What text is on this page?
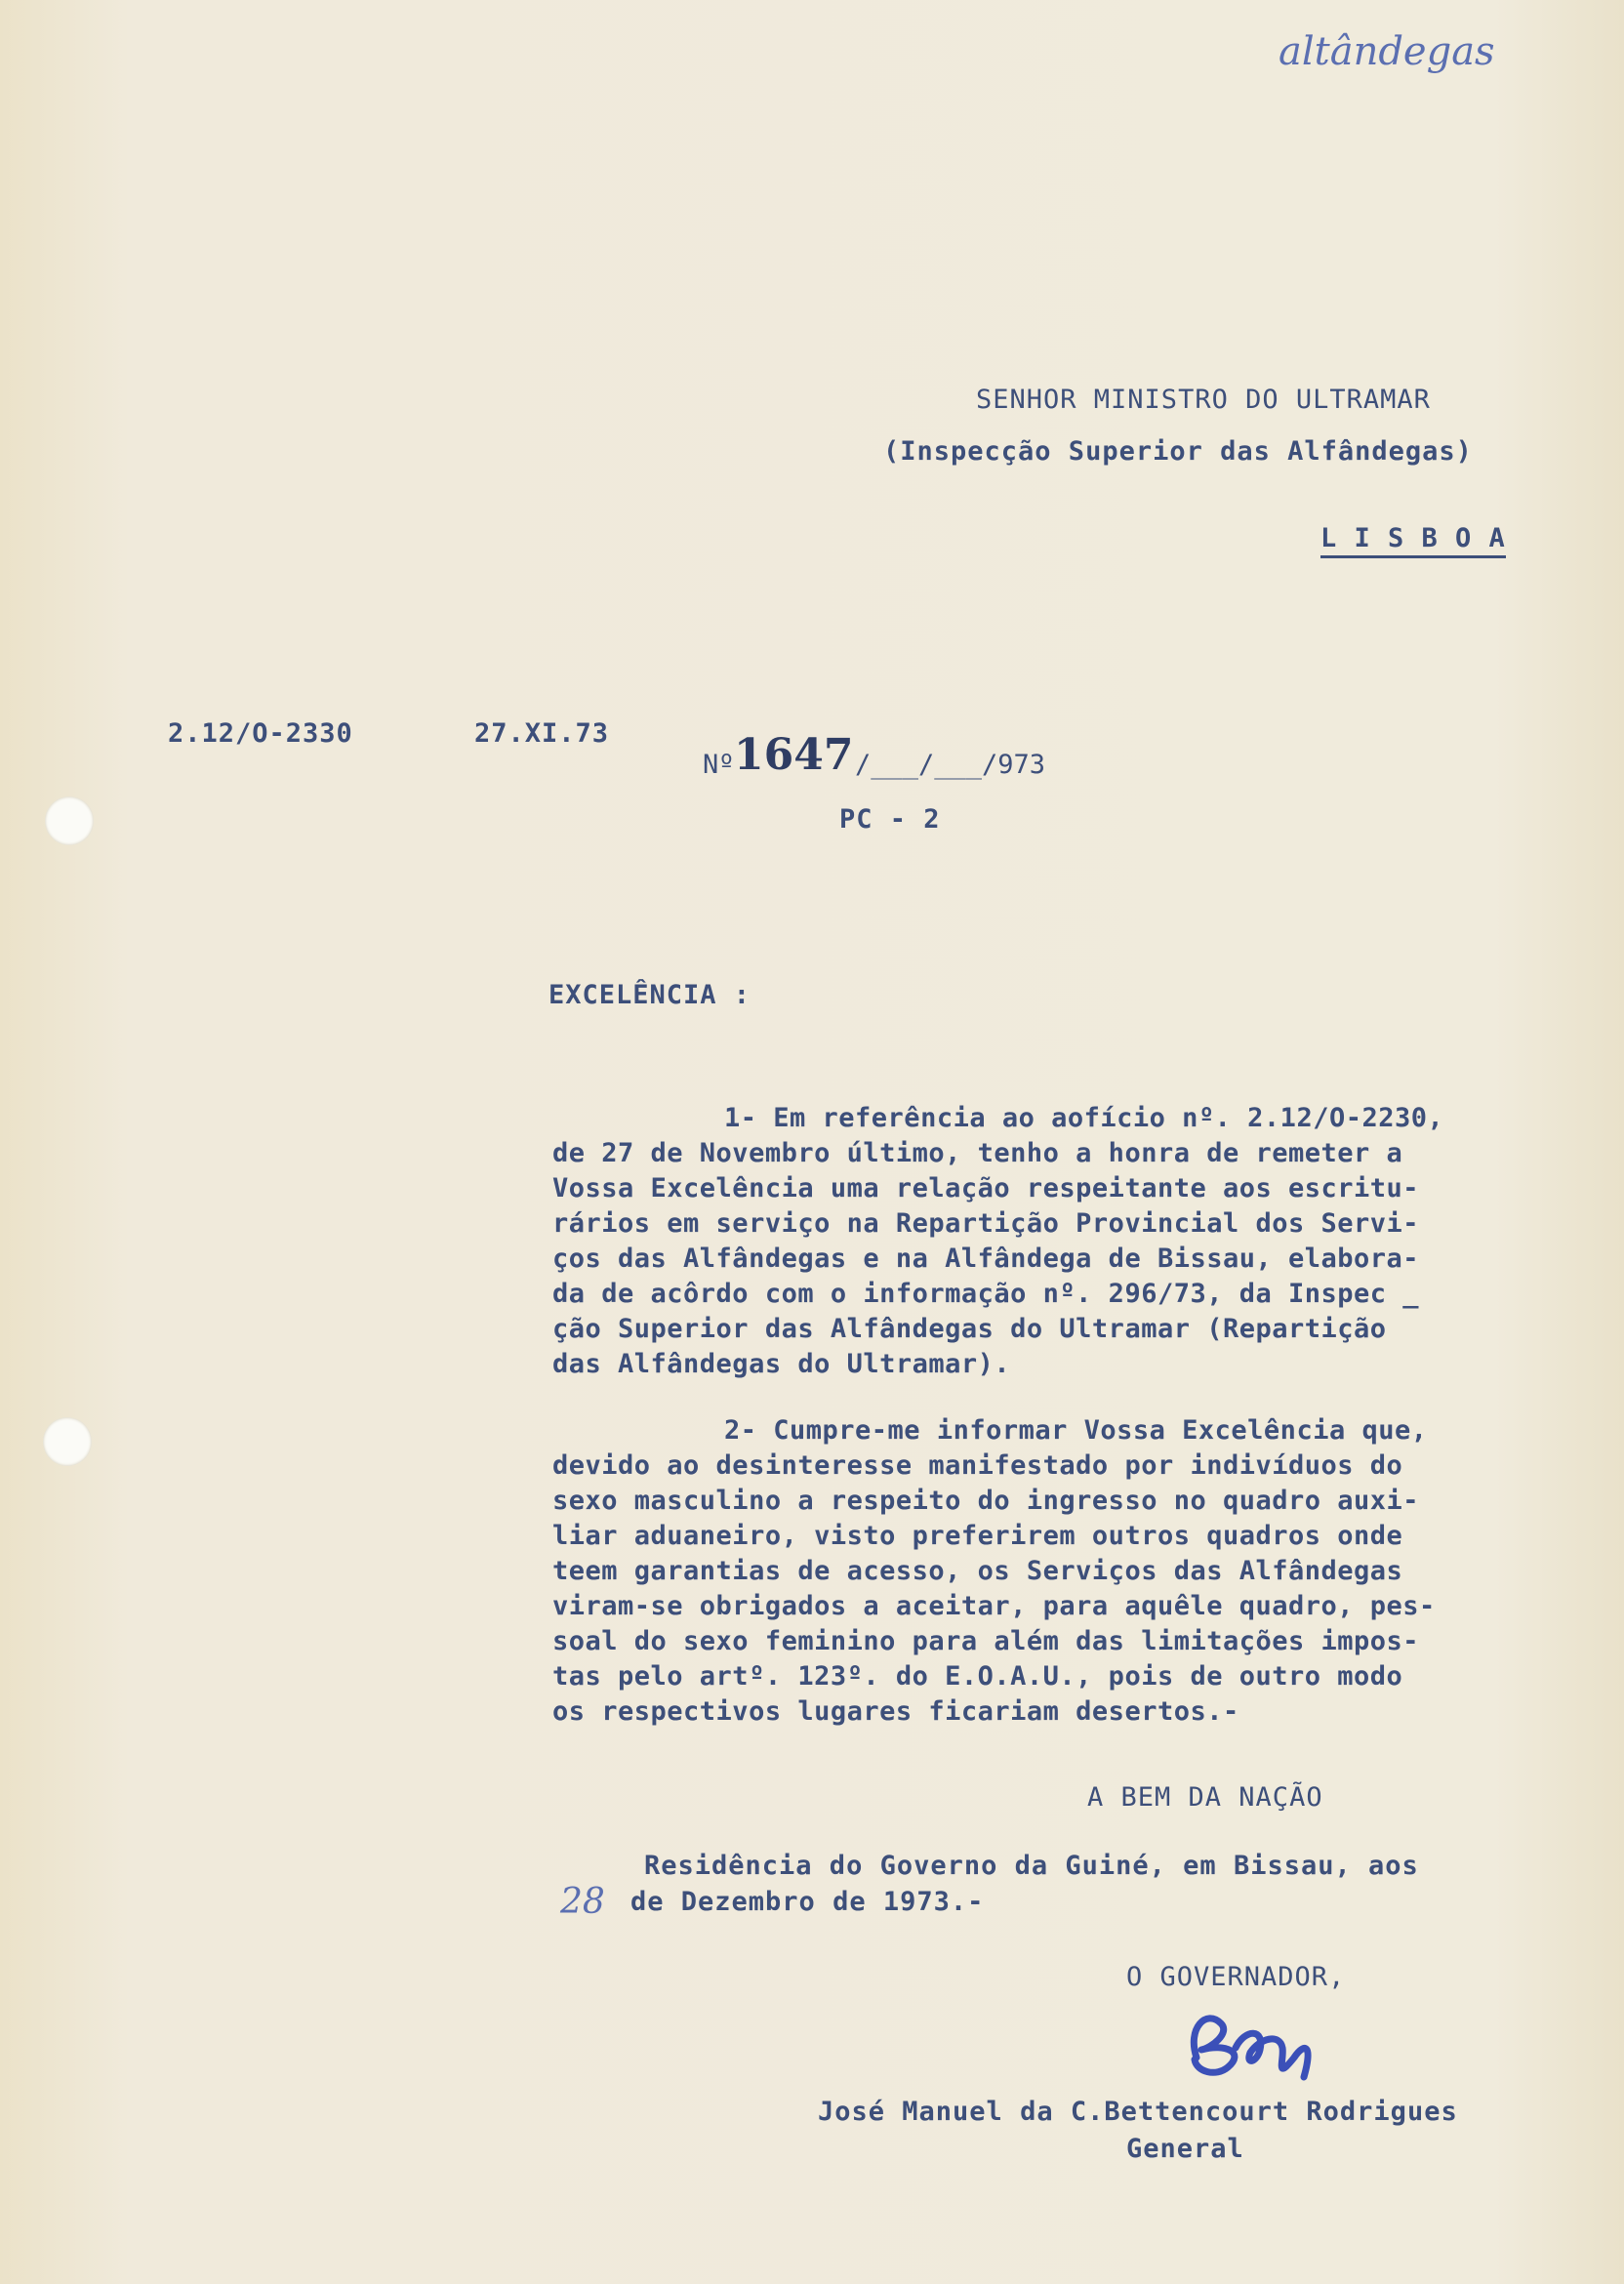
altândegas
SENHOR MINISTRO DO ULTRAMAR
(Inspecção Superior das Alfândegas)
L I S B O A
2.12/O-2330	27.XI.73
Nº 1647 /___/___/973
PC - 2
EXCELÊNCIA :
1- Em referência ao aofício nº. 2.12/O-2230,
de 27 de Novembro último, tenho a honra de remeter a
Vossa Excelência uma relação respeitante aos escritu-
rários em serviço na Repartição Provincial dos Servi-
ços das Alfândegas e na Alfândega de Bissau, elabora-
da de acôrdo com o informação nº. 296/73, da Inspec _
ção Superior das Alfândegas do Ultramar (Repartição
das Alfândegas do Ultramar).
2- Cumpre-me informar Vossa Excelência que,
devido ao desinteresse manifestado por indivíduos do
sexo masculino a respeito do ingresso no quadro auxi-
liar aduaneiro, visto preferirem outros quadros onde
teem garantias de acesso, os Serviços das Alfândegas
viram-se obrigados a aceitar, para aquêle quadro, pes-
soal do sexo feminino para além das limitações impos-
tas pelo artº. 123º. do E.O.A.U., pois de outro modo
os respectivos lugares ficariam desertos.-
A BEM DA NAÇÃO
Residência do Governo da Guiné, em Bissau, aos
28 de Dezembro de 1973.-
O GOVERNADOR,
José Manuel da C.Bettencourt Rodrigues
General
